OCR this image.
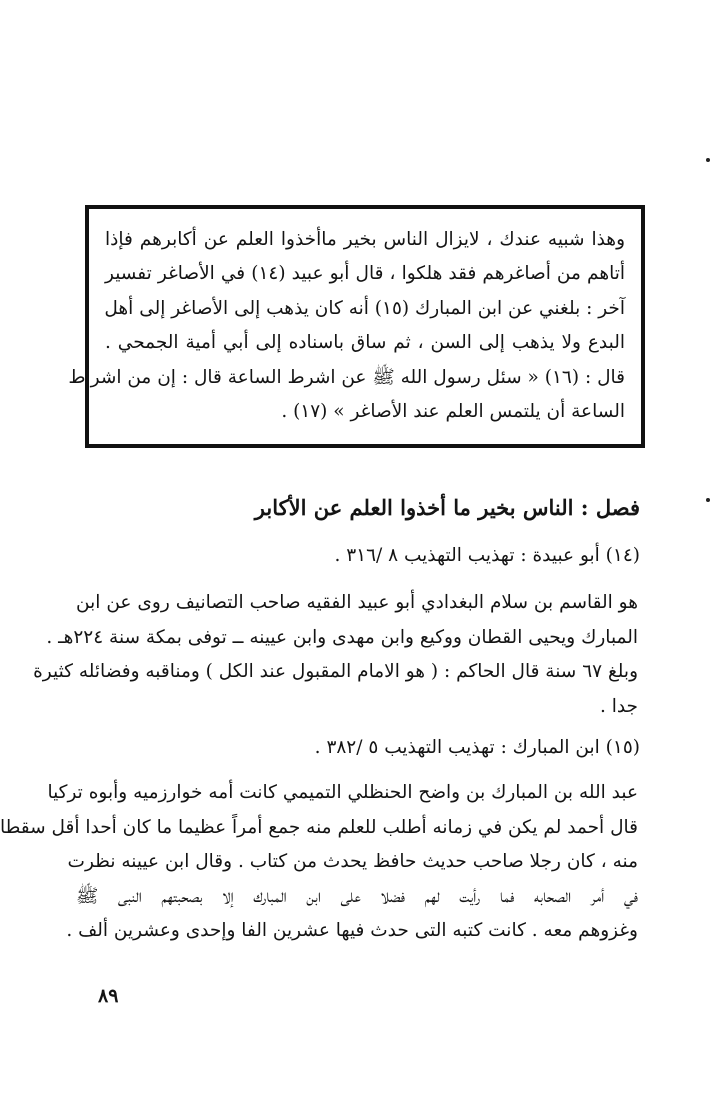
وهذا شبيه عندك ، لايزال الناس بخير ماأخذوا العلم عن أكابرهم فإذا
أتاهم من أصاغرهم فقد هلكوا ، قال أبو عبيد (١٤) في الأصاغر تفسير
آخر : بلغني عن ابن المبارك (١٥) أنه كان يذهب إلى الأصاغر إلى أهل
البدع ولا يذهب إلى السن ، ثم ساق باسناده إلى أبي أمية الجمحي .
قال : (١٦) « سئل رسول الله ﷺ عن اشرط الساعة قال : إن من اشراط
الساعة أن يلتمس العلم عند الأصاغر » (١٧) .
فصل : الناس بخير ما أخذوا العلم عن الأكابر
(١٤) أبو عبيدة : تهذيب التهذيب ٨ /٣١٦ .
هو القاسم بن سلام البغدادي أبو عبيد الفقيه صاحب التصانيف روى عن ابن
المبارك ويحيى القطان ووكيع وابن مهدى وابن عيينه ــ توفى بمكة سنة ٢٢٤هـ .
وبلغ ٦٧ سنة قال الحاكم : ( هو الامام المقبول عند الكل ) ومناقبه وفضائله كثيرة
جدا .
(١٥) ابن المبارك : تهذيب التهذيب ٥ /٣٨٢ .
عبد الله بن المبارك بن واضح الحنظلي التميمي كانت أمه خوارزميه وأبوه تركيا
قال أحمد لم يكن في زمانه أطلب للعلم منه جمع أمراً عظيما ما كان أحدا أقل سقطا
منه ، كان رجلا صاحب حديث حافظ يحدث من كتاب . وقال ابن عيينه نظرت
في أمر الصحابه فما رأيت لهم فضلا على ابن المبارك إلا بصحبتهم النبى ﷺ
وغزوهم معه . كانت كتبه التى حدث فيها عشرين الفا وإحدى وعشرين ألف .
٨٩
